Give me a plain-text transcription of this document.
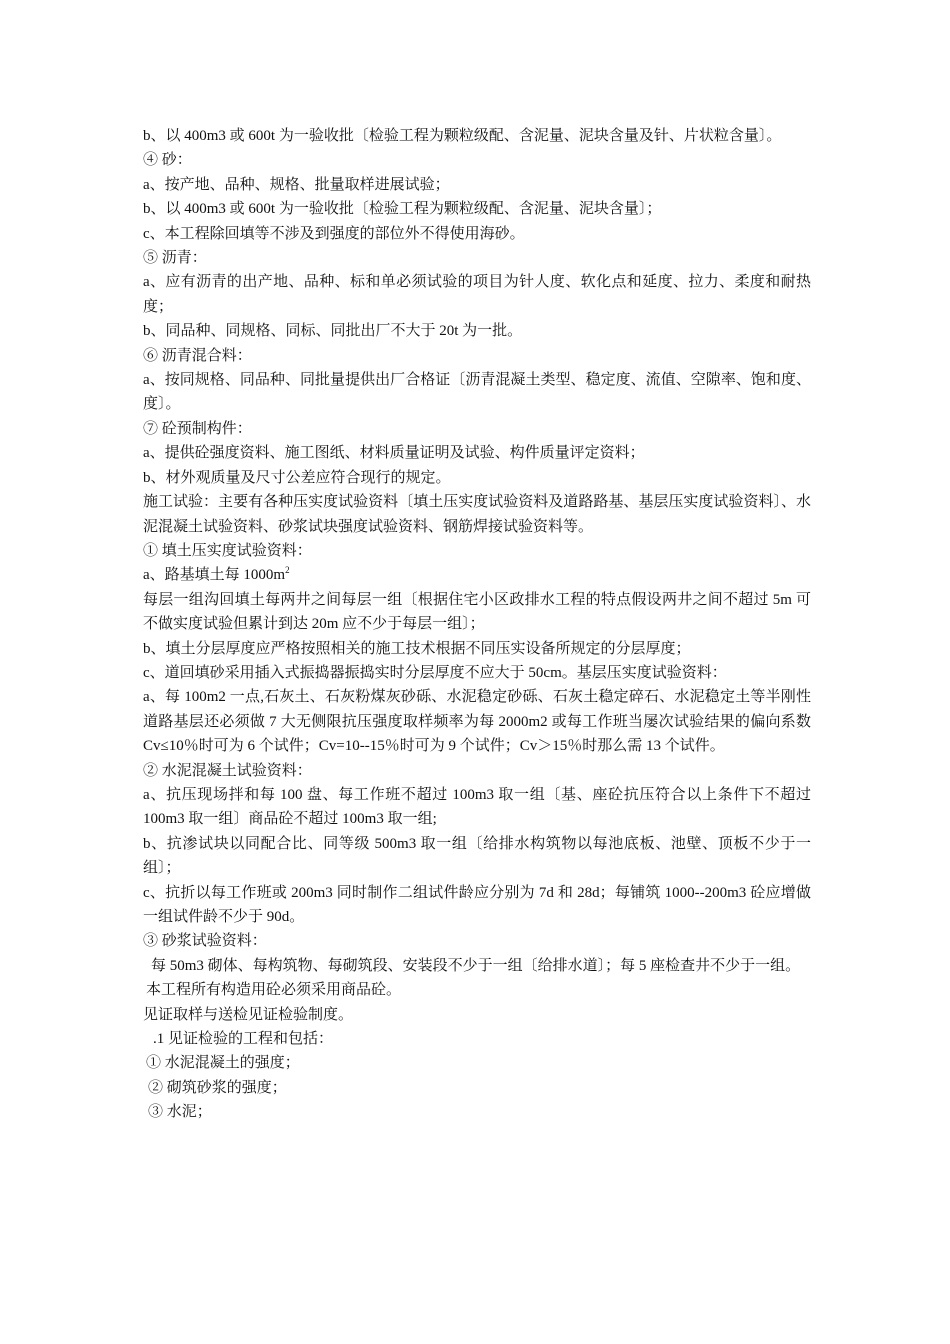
b、以 400m3 或 600t 为一验收批〔检验工程为颗粒级配、含泥量、泥块含量及针、片状粒含量〕。

④ 砂：

a、按产地、品种、规格、批量取样进展试验；

b、以 400m3 或 600t 为一验收批〔检验工程为颗粒级配、含泥量、泥块含量〕；

c、本工程除回填等不涉及到强度的部位外不得使用海砂。

⑤ 沥青：

a、应有沥青的出产地、品种、标和单必须试验的项目为针人度、软化点和延度、拉力、柔度和耐热度；

b、同品种、同规格、同标、同批出厂不大于 20t 为一批。

⑥ 沥青混合料：

a、按同规格、同品种、同批量提供出厂合格证〔沥青混凝土类型、稳定度、流值、空隙率、饱和度、度〕。

⑦ 砼预制构件：

a、提供砼强度资料、施工图纸、材料质量证明及试验、构件质量评定资料；

b、材外观质量及尺寸公差应符合现行的规定。

施工试验：主要有各种压实度试验资料〔填土压实度试验资料及道路路基、基层压实度试验资料〕、水泥混凝土试验资料、砂浆试块强度试验资料、钢筋焊接试验资料等。

① 填土压实度试验资料：

a、路基填土每 $1000m^2$

每层一组沟回填土每两井之间每层一组〔根据住宅小区政排水工程的特点假设两井之间不超过 5m 可不做实度试验但累计到达 20m 应不少于每层一组〕；

b、填土分层厚度应严格按照相关的施工技术根据不同压实设备所规定的分层厚度；

c、道回填砂采用插入式振捣器振捣实时分层厚度不应大于 50cm。基层压实度试验资料：

a、每 100m2 一点,石灰土、石灰粉煤灰砂砾、水泥稳定砂砾、石灰土稳定碎石、水泥稳定土等半刚性道路基层还必须做 7 大无侧限抗压强度取样频率为每 2000m2 或每工作班当屡次试验结果的偏向系数 Cv≤10％时可为 6 个试件；Cv=10--15％时可为 9 个试件；Cv＞15％时那么需 13 个试件。

② 水泥混凝土试验资料：

a、抗压现场拌和每 100 盘、每工作班不超过 100m3 取一组〔基、座砼抗压符合以上条件下不超过 100m3 取一组〕商品砼不超过 100m3 取一组;

b、抗渗试块以同配合比、同等级 500m3 取一组〔给排水构筑物以每池底板、池壁、顶板不少于一组〕；

c、抗折以每工作班或 200m3 同时制作二组试件龄应分别为 7d 和 28d；每铺筑 1000--200m3 砼应增做一组试件龄不少于 90d。

③ 砂浆试验资料：

每 50m3 砌体、每构筑物、每砌筑段、安装段不少于一组〔给排水道〕；每 5 座检查井不少于一组。

本工程所有构造用砼必须采用商品砼。

见证取样与送检见证检验制度。

.1 见证检验的工程和包括：

① 水泥混凝土的强度；

② 砌筑砂浆的强度；

③ 水泥；
